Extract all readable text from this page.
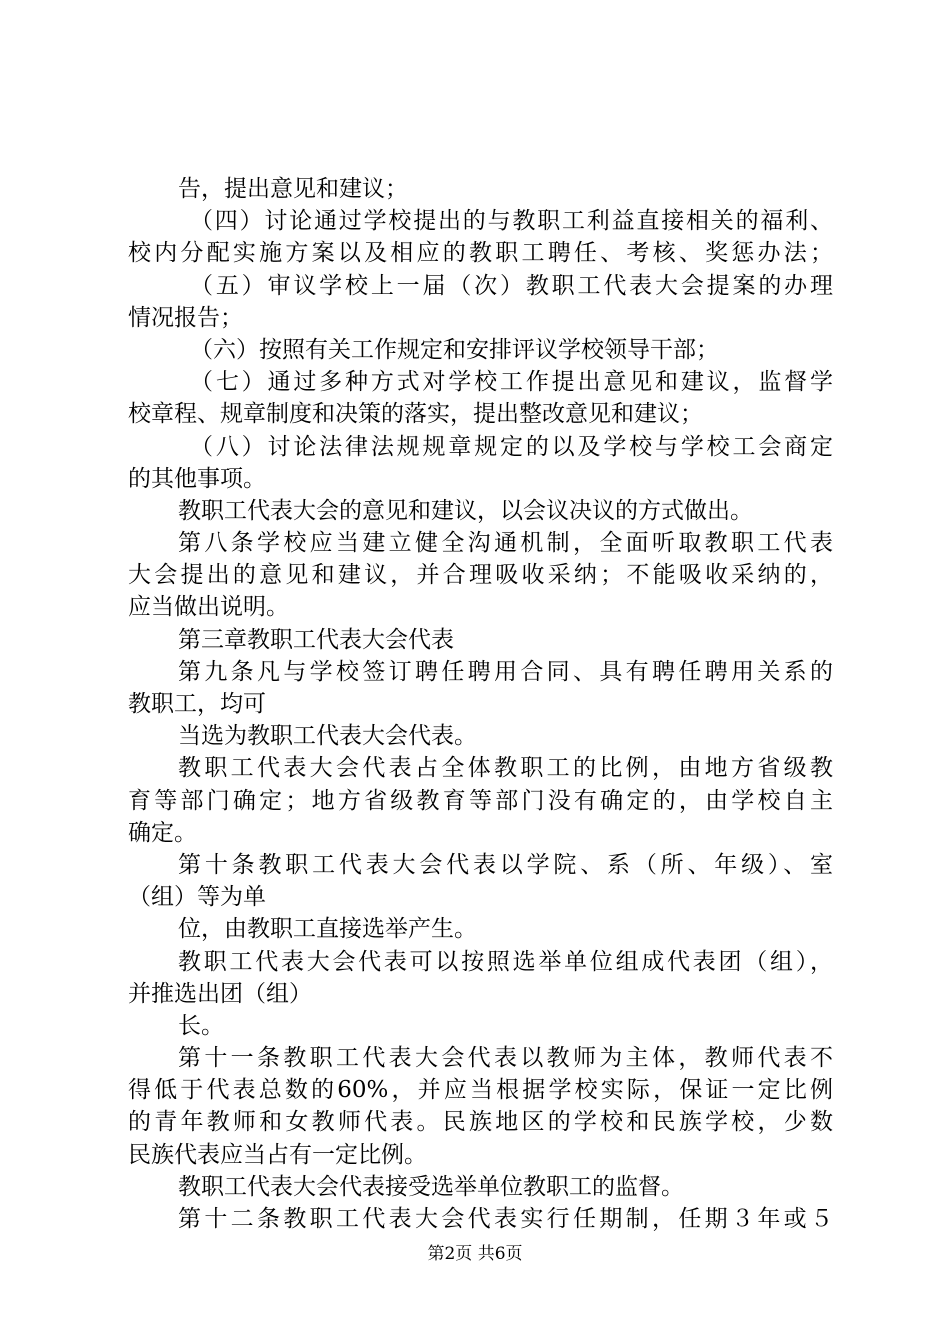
告，提出意见和建议；
（四）讨论通过学校提出的与教职工利益直接相关的福利、
校内分配实施方案以及相应的教职工聘任、考核、奖惩办法；
（五）审议学校上一届（次）教职工代表大会提案的办理
情况报告；
（六）按照有关工作规定和安排评议学校领导干部；
（七）通过多种方式对学校工作提出意见和建议，监督学
校章程、规章制度和决策的落实，提出整改意见和建议；
（八）讨论法律法规规章规定的以及学校与学校工会商定
的其他事项。
教职工代表大会的意见和建议，以会议决议的方式做出。
第八条学校应当建立健全沟通机制，全面听取教职工代表
大会提出的意见和建议，并合理吸收采纳；不能吸收采纳的，
应当做出说明。
第三章教职工代表大会代表
第九条凡与学校签订聘任聘用合同、具有聘任聘用关系的
教职工，均可
当选为教职工代表大会代表。
教职工代表大会代表占全体教职工的比例，由地方省级教
育等部门确定；地方省级教育等部门没有确定的，由学校自主
确定。
第十条教职工代表大会代表以学院、系（所、年级）、室
（组）等为单
位，由教职工直接选举产生。
教职工代表大会代表可以按照选举单位组成代表团（组），
并推选出团（组）
长。
第十一条教职工代表大会代表以教师为主体，教师代表不
得低于代表总数的60%，并应当根据学校实际，保证一定比例
的青年教师和女教师代表。民族地区的学校和民族学校，少数
民族代表应当占有一定比例。
教职工代表大会代表接受选举单位教职工的监督。
第十二条教职工代表大会代表实行任期制，任期３年或５
第2页 共6页
